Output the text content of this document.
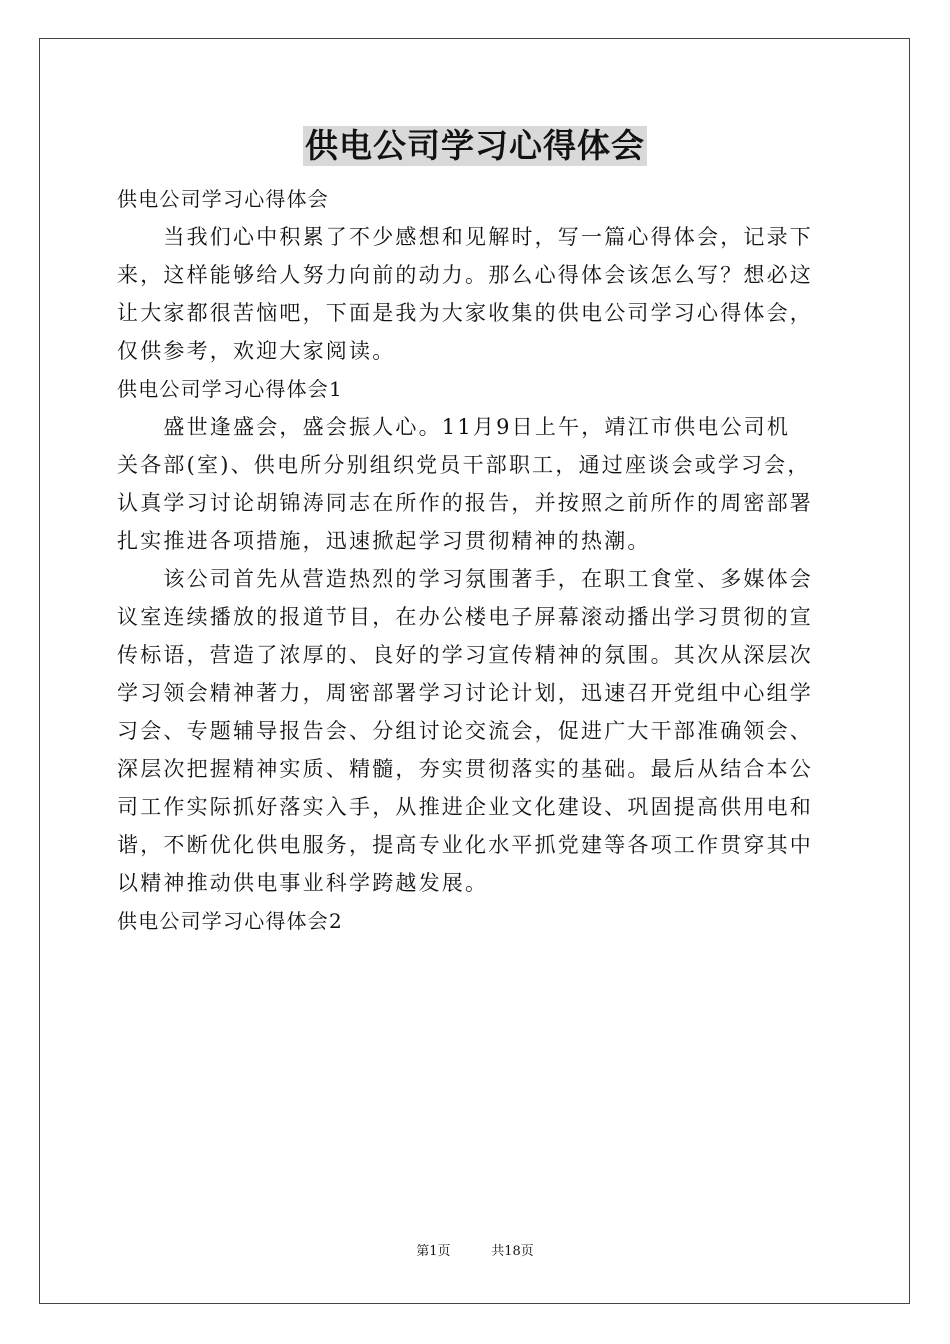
供电公司学习心得体会
供电公司学习心得体会
　　当我们心中积累了不少感想和见解时，写一篇心得体会，记录下
来，这样能够给人努力向前的动力。那么心得体会该怎么写？想必这
让大家都很苦恼吧，下面是我为大家收集的供电公司学习心得体会，
仅供参考，欢迎大家阅读。
供电公司学习心得体会1
　　盛世逢盛会，盛会振人心。11月9日上午，靖江市供电公司机
关各部(室)、供电所分别组织党员干部职工，通过座谈会或学习会，
认真学习讨论胡锦涛同志在所作的报告，并按照之前所作的周密部署
扎实推进各项措施，迅速掀起学习贯彻精神的热潮。
　　该公司首先从营造热烈的学习氛围著手，在职工食堂、多媒体会
议室连续播放的报道节目，在办公楼电子屏幕滚动播出学习贯彻的宣
传标语，营造了浓厚的、良好的学习宣传精神的氛围。其次从深层次
学习领会精神著力，周密部署学习讨论计划，迅速召开党组中心组学
习会、专题辅导报告会、分组讨论交流会，促进广大干部准确领会、
深层次把握精神实质、精髓，夯实贯彻落实的基础。最后从结合本公
司工作实际抓好落实入手，从推进企业文化建设、巩固提高供用电和
谐，不断优化供电服务，提高专业化水平抓党建等各项工作贯穿其中
以精神推动供电事业科学跨越发展。
供电公司学习心得体会2
第1页	共18页
